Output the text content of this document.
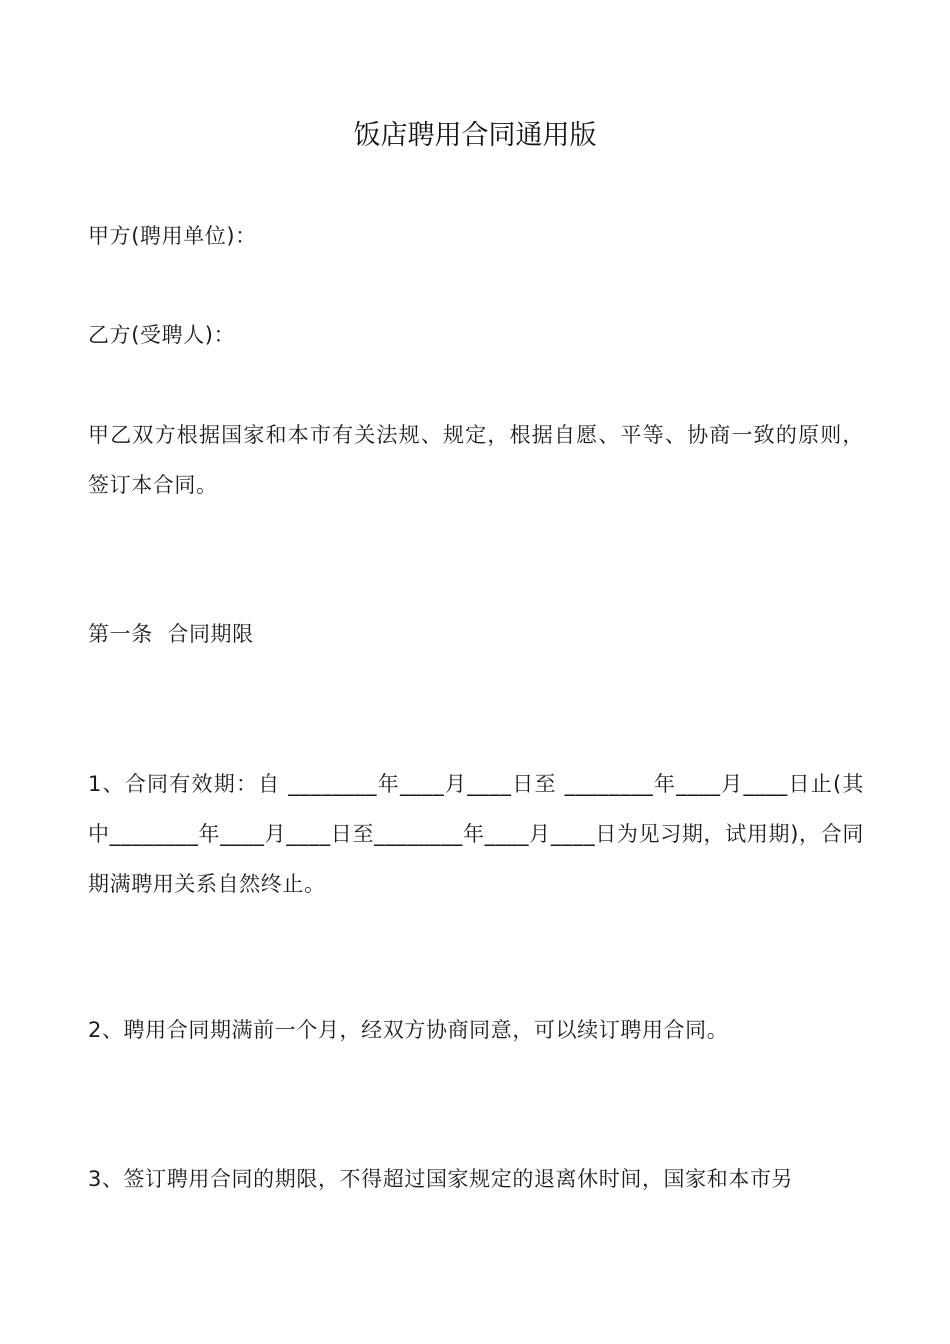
饭店聘用合同通用版
甲方(聘用单位)：
乙方(受聘人)：
甲乙双方根据国家和本市有关法规、规定，根据自愿、平等、协商一致的原则，签订本合同。
第一条  合同期限
1、合同有效期：自 ________年____月____日至 ________年____月____日止(其中________年____月____日至________年____月____日为见习期，试用期)，合同期满聘用关系自然终止。
2、聘用合同期满前一个月，经双方协商同意，可以续订聘用合同。
3、签订聘用合同的期限，不得超过国家规定的退离休时间，国家和本市另
